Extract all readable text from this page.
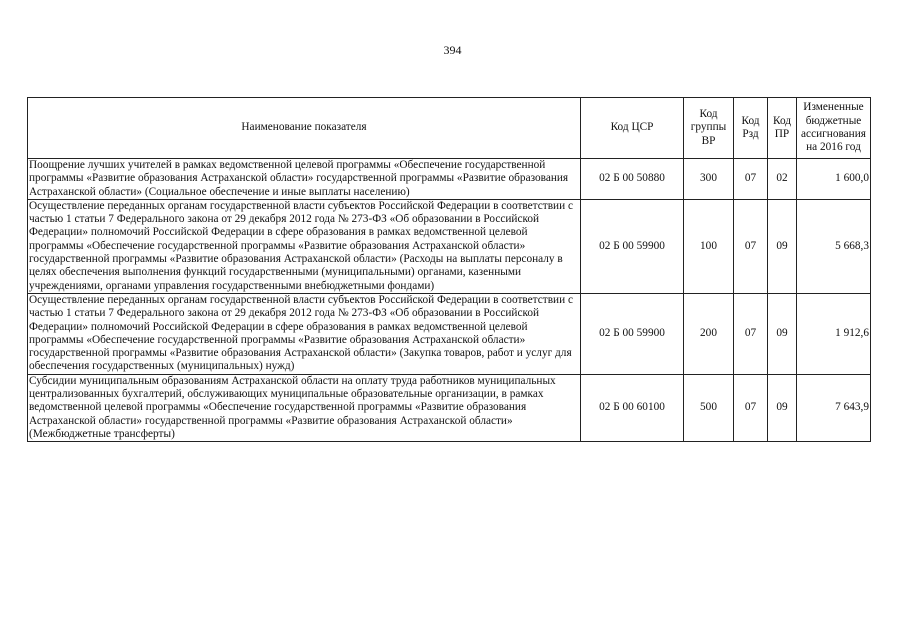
394
Наименование показателя	Код ЦСР	Код группы ВР	Код Рзд	Код ПР	Измененные бюджетные ассигнования на 2016 год
Поощрение лучших учителей в рамках ведомственной целевой программы «Обеспечение государственной программы «Развитие образования Астраханской области» государственной программы «Развитие образования Астраханской области» (Социальное обеспечение и иные выплаты населению)	02 Б 00 50880	300	07	02	1 600,0
Осуществление переданных органам государственной власти субъектов Российской Федерации в соответствии с частью 1 статьи 7 Федерального закона от 29 декабря 2012 года № 273-ФЗ «Об образовании в Российской Федерации» полномочий Российской Федерации в сфере образования в рамках ведомственной целевой программы «Обеспечение государственной программы «Развитие образования Астраханской области» государственной программы «Развитие образования Астраханской области» (Расходы на выплаты персоналу в целях обеспечения выполнения функций государственными (муниципальными) органами, казенными учреждениями, органами управления государственными внебюджетными фондами)	02 Б 00 59900	100	07	09	5 668,3
Осуществление переданных органам государственной власти субъектов Российской Федерации в соответствии с частью 1 статьи 7 Федерального закона от 29 декабря 2012 года № 273-ФЗ «Об образовании в Российской Федерации» полномочий Российской Федерации в сфере образования в рамках ведомственной целевой программы «Обеспечение государственной программы «Развитие образования Астраханской области» государственной программы «Развитие образования Астраханской области» (Закупка товаров, работ и услуг для обеспечения государственных (муниципальных) нужд)	02 Б 00 59900	200	07	09	1 912,6
Субсидии муниципальным образованиям Астраханской области на оплату труда работников муниципальных централизованных бухгалтерий, обслуживающих муниципальные образовательные организации, в рамках ведомственной целевой программы «Обеспечение государственной программы «Развитие образования Астраханской области» государственной программы «Развитие образования Астраханской области» (Межбюджетные трансферты)	02 Б 00 60100	500	07	09	7 643,9
